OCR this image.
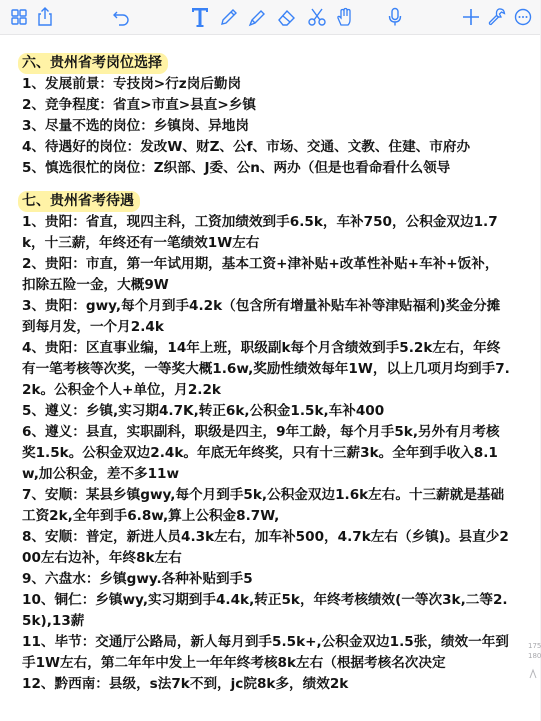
六、贵州省考岗位选择
1、发展前景：专技岗>行z岗后勤岗
2、竞争程度：省直>市直>县直>乡镇
3、尽量不选的岗位：乡镇岗、异地岗
4、待遇好的岗位：发改W、财Z、公f、市场、交通、文教、住建、市府办
5、慎选很忙的岗位：Z织部、J委、公n、两办（但是也看命看什么领导
七、贵州省考待遇
1、贵阳：省直，现四主科，工资加绩效到手6.5k，车补750，公积金双边1.7k，十三薪，年终还有一笔绩效1W左右
2、贵阳：市直，第一年试用期，基本工资+津补贴+改革性补贴+车补+饭补，扣除五险一金，大概9W
3、贵阳：gwy,每个月到手4.2k（包含所有增量补贴车补等津贴福利)奖金分摊到每月发，一个月2.4k
4、贵阳：区直事业编，14年上班，职级副k每个月含绩效到手5.2k左右，年终有一笔考核等次奖，一等奖大概1.6w,奖励性绩效每年1W，以上几项月均到手7.2k。公积金个人+单位，月2.2k
5、遵义：乡镇,实习期4.7K,转正6k,公积金1.5k,车补400
6、遵义：县直，实职副科，职级是四主，9年工龄，每个月手5k,另外有月考核奖1.5k。公积金双边2.4k。年底无年终奖，只有十三薪3k。全年到手收入8.1w,加公积金，差不多11w
7、安顺：某县乡镇gwy,每个月到手5k,公积金双边1.6k左右。十三薪就是基础工资2k,全年到手6.8w,算上公积金8.7W,
8、安顺：普定，新进人员4.3k左右，加车补500，4.7k左右（乡镇)。县直少200左右边补，年终8k左右
9、六盘水：乡镇gwy.各种补贴到手5
10、铜仁：乡镇wy,实习期到手4.4k,转正5k，年终考核绩效(一等次3k,二等2.5k),13薪
11、毕节：交通厅公路局，新人每月到手5.5k+,公积金双边1.5张，绩效一年到手1W左右，第二年年中发上一年年终考核8k左右（根据考核名次决定
12、黔西南：县级，s法7k不到，jc院8k多，绩效2k
175
180
